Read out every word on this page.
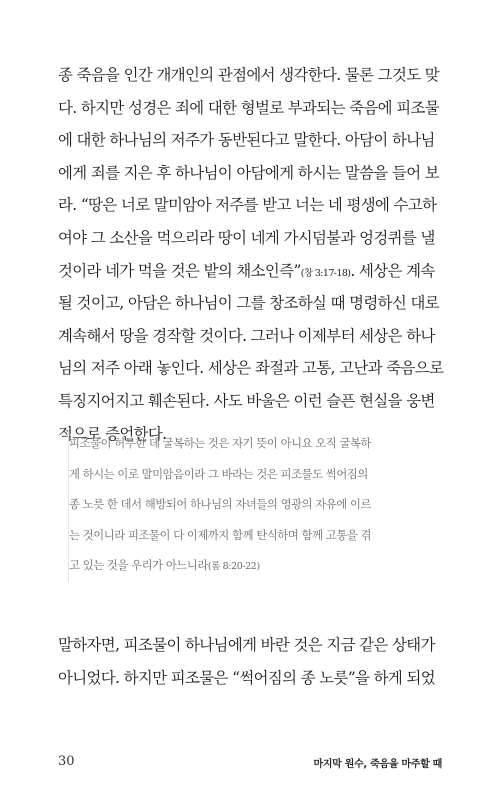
종 죽음을 인간 개개인의 관점에서 생각한다. 물론 그것도 맞
다. 하지만 성경은 죄에 대한 형벌로 부과되는 죽음에 피조물
에 대한 하나님의 저주가 동반된다고 말한다. 아담이 하나님
에게 죄를 지은 후 하나님이 아담에게 하시는 말씀을 들어 보
라. “땅은 너로 말미암아 저주를 받고 너는 네 평생에 수고하
여야 그 소산을 먹으리라 땅이 네게 가시덤불과 엉겅퀴를 낼
것이라 네가 먹을 것은 밭의 채소인즉”(창 3:17-18). 세상은 계속
될 것이고, 아담은 하나님이 그를 창조하실 때 명령하신 대로
계속해서 땅을 경작할 것이다. 그러나 이제부터 세상은 하나
님의 저주 아래 놓인다. 세상은 좌절과 고통, 고난과 죽음으로
특징지어지고 훼손된다. 사도 바울은 이런 슬픈 현실을 웅변
적으로 증언한다.
피조물이 허무한 데 굴복하는 것은 자기 뜻이 아니요 오직 굴복하
게 하시는 이로 말미암음이라 그 바라는 것은 피조물도 썩어짐의
종 노릇 한 데서 해방되어 하나님의 자녀들의 영광의 자유에 이르
는 것이니라 피조물이 다 이제까지 함께 탄식하며 함께 고통을 겪
고 있는 것을 우리가 아느니라(롬 8:20-22)
말하자면, 피조물이 하나님에게 바란 것은 지금 같은 상태가
아니었다. 하지만 피조물은 “썩어짐의 종 노릇”을 하게 되었
30	마지막 원수, 죽음을 마주할 때
